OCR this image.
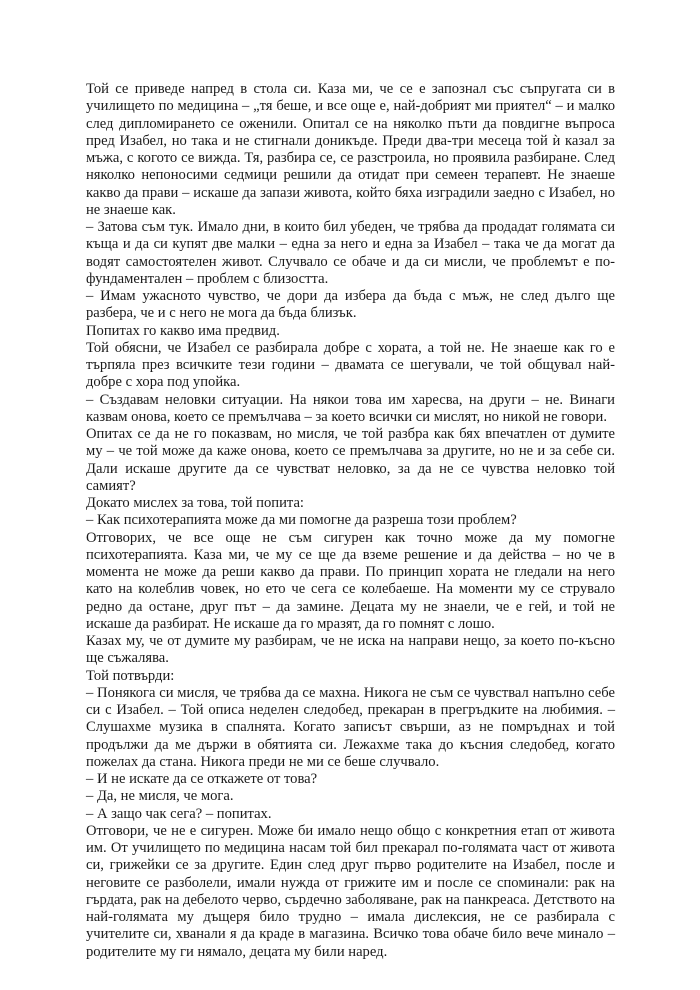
Той се приведе напред в стола си. Каза ми, че се е запознал със съпругата си в училището по медицина – „тя беше, и все още е, най-добрият ми приятел“ – и малко след дипломирането се оженили. Опитал се на няколко пъти да повдигне въпроса пред Изабел, но така и не стигнали доникъде. Преди два-три месеца той ѝ казал за мъжа, с когото се вижда. Тя, разбира се, се разстроила, но проявила разбиране. След няколко непоносими седмици решили да отидат при семеен терапевт. Не знаеше какво да прави – искаше да запази живота, който бяха изградили заедно с Изабел, но не знаеше как.

– Затова съм тук. Имало дни, в които бил убеден, че трябва да продадат голямата си къща и да си купят две малки – една за него и една за Изабел – така че да могат да водят самостоятелен живот. Случвало се обаче и да си мисли, че проблемът е по-фундаментален – проблем с близостта.

– Имам ужасното чувство, че дори да избера да бъда с мъж, не след дълго ще разбера, че и с него не мога да бъда близък.

Попитах го какво има предвид.

Той обясни, че Изабел се разбирала добре с хората, а той не. Не знаеше как го е търпяла през всичките тези години – двамата се шегували, че той общувал най-добре с хора под упойка.

– Създавам неловки ситуации. На някои това им харесва, на други – не. Винаги казвам онова, което се премълчава – за което всички си мислят, но никой не говори.

Опитах се да не го показвам, но мисля, че той разбра как бях впечатлен от думите му – че той може да каже онова, което се премълчава за другите, но не и за себе си. Дали искаше другите да се чувстват неловко, за да не се чувства неловко той самият?

Докато мислех за това, той попита:

– Как психотерапията може да ми помогне да разреша този проблем?

Отговорих, че все още не съм сигурен как точно може да му помогне психотерапията. Каза ми, че му се ще да вземе решение и да действа – но че в момента не може да реши какво да прави. По принцип хората не гледали на него като на колеблив човек, но ето че сега се колебаеше. На моменти му се струвало редно да остане, друг път – да замине. Децата му не знаели, че е гей, и той не искаше да разбират. Не искаше да го мразят, да го помнят с лошо.

Казах му, че от думите му разбирам, че не иска на направи нещо, за което по-късно ще съжалява.

Той потвърди:

– Понякога си мисля, че трябва да се махна. Никога не съм се чувствал напълно себе си с Изабел. – Той описа неделен следобед, прекаран в прегръдките на любимия. – Слушахме музика в спалнята. Когато записът свърши, аз не помръднах и той продължи да ме държи в обятията си. Лежахме така до късния следобед, когато пожелах да стана. Никога преди не ми се беше случвало.

– И не искате да се откажете от това?

– Да, не мисля, че мога.

– А защо чак сега? – попитах.

Отговори, че не е сигурен. Може би имало нещо общо с конкретния етап от живота им. От училището по медицина насам той бил прекарал по-голямата част от живота си, грижейки се за другите. Един след друг първо родителите на Изабел, после и неговите се разболели, имали нужда от грижите им и после се споминали: рак на гърдата, рак на дебелото черво, сърдечно заболяване, рак на панкреаса. Детството на най-голямата му дъщеря било трудно – имала дислексия, не се разбирала с учителите си, хванали я да краде в магазина. Всичко това обаче било вече минало – родителите му ги нямало, децата му били наред.
